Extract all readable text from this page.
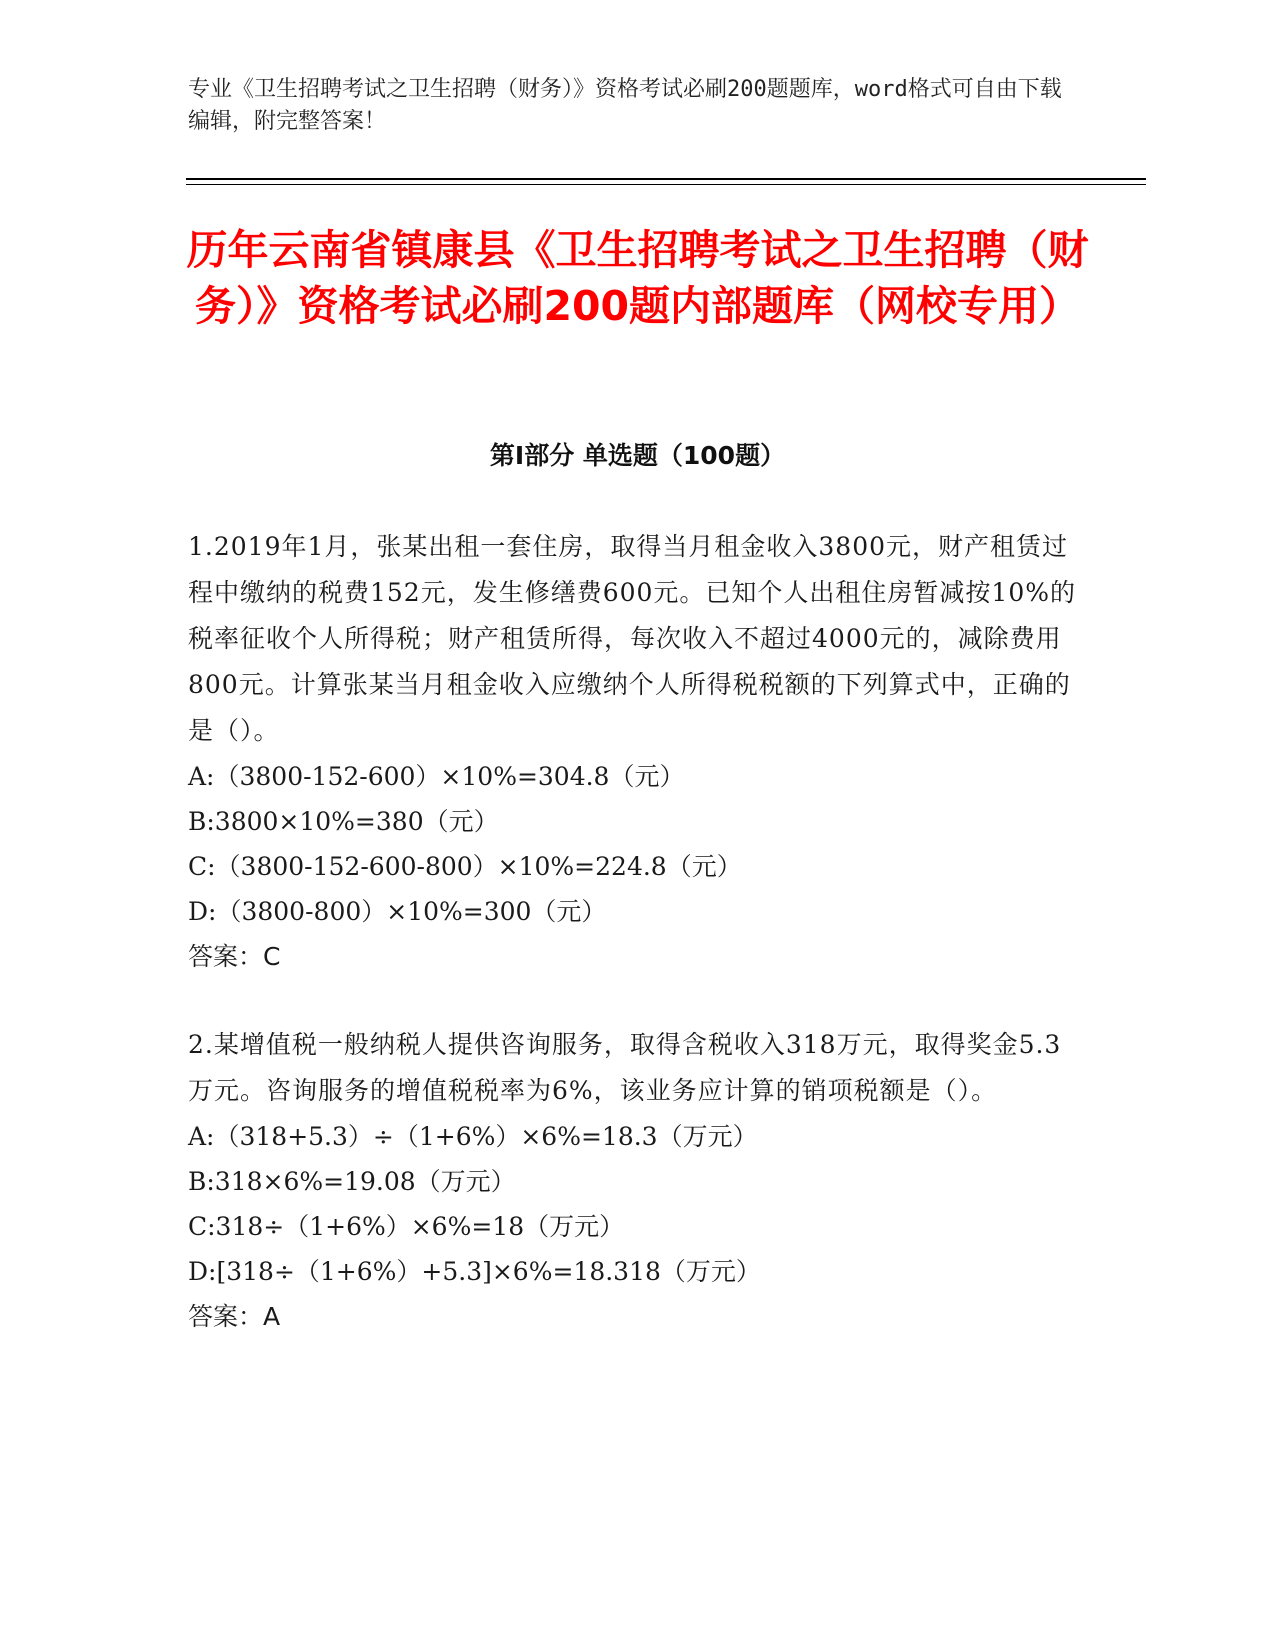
专业《卫生招聘考试之卫生招聘（财务）》资格考试必刷200题题库，word格式可自由下载编辑，附完整答案！
历年云南省镇康县《卫生招聘考试之卫生招聘（财务）》资格考试必刷200题内部题库（网校专用）
第I部分 单选题（100题）

1.2019年1月，张某出租一套住房，取得当月租金收入3800元，财产租赁过程中缴纳的税费152元，发生修缮费600元。已知个人出租住房暂减按10%的税率征收个人所得税；财产租赁所得，每次收入不超过4000元的，减除费用800元。计算张某当月租金收入应缴纳个人所得税税额的下列算式中，正确的是（）。

A:（3800-152-600）×10%=304.8（元）

B:3800×10%=380（元）

C:（3800-152-600-800）×10%=224.8（元）

D:（3800-800）×10%=300（元）

答案：C

2.某增值税一般纳税人提供咨询服务，取得含税收入318万元，取得奖金5.3万元。咨询服务的增值税税率为6%，该业务应计算的销项税额是（）。

A:（318+5.3）÷（1+6%）×6%=18.3（万元）

B:318×6%=19.08（万元）

C:318÷（1+6%）×6%=18（万元）

D:[318÷（1+6%）+5.3]×6%=18.318（万元）

答案：A
